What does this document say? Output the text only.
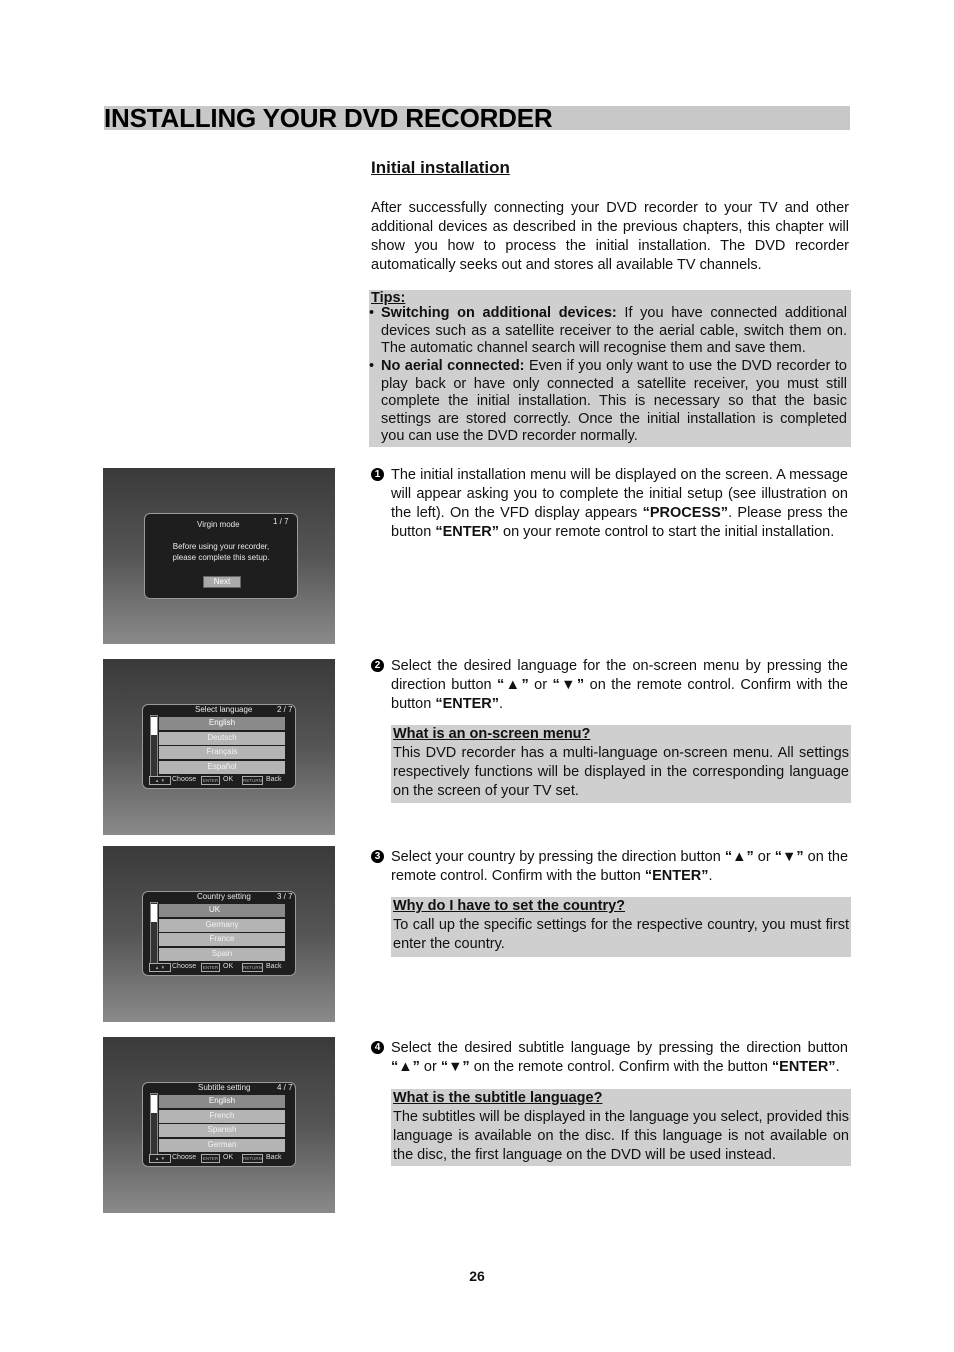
INSTALLING YOUR DVD RECORDER
Initial installation
After successfully connecting your DVD recorder to your TV and other additional devices as described in the previous chapters, this chapter will show you how to process the initial installation. The DVD recorder automatically seeks out and stores all available TV channels.
Tips:
• Switching on additional devices: If you have connected additional devices such as a satellite receiver to the aerial cable, switch them on. The automatic channel search will recognise them and save them.
• No aerial connected: Even if you only want to use the DVD recorder to play back or have only connected a satellite receiver, you must still complete the initial installation. This is necessary so that the basic settings are stored correctly. Once the initial installation is completed you can use the DVD recorder normally.
1 The initial installation menu will be displayed on the screen. A message will appear asking you to complete the initial setup (see illustration on the left). On the VFD display appears “PROCESS”. Please press the button “ENTER” on your remote control to start the initial installation.
2 Select the desired language for the on-screen menu by pressing the direction button “▲” or “▼” on the remote control. Confirm with the button “ENTER”.
What is an on-screen menu?
This DVD recorder has a multi-language on-screen menu. All settings respectively functions will be displayed in the corresponding language on the screen of your TV set.
3 Select your country by pressing the direction button “▲” or “▼” on the remote control. Confirm with the button “ENTER”.
Why do I have to set the country?
To call up the specific settings for the respective country, you must first enter the country.
4 Select the desired subtitle language by pressing the direction button “▲” or “▼” on the remote control. Confirm with the button “ENTER”.
What is the subtitle language?
The subtitles will be displayed in the language you select, provided this language is available on the disc. If this language is not available on the disc, the first language on the DVD will be used instead.
Virgin mode	1 / 7
Before using your recorder,
please complete this setup.
Next
Select language	2 / 7
English
Deutsch
Français
Español
▲ ▼ Choose	ENTER OK RETURN Back
Country setting	3 / 7
UK
Germany
France
Spain
▲ ▼ Choose	ENTER OK RETURN Back
Subtitle setting	4 / 7
English
French
Spanish
German
▲ ▼ Choose	ENTER OK RETURN Back
26
